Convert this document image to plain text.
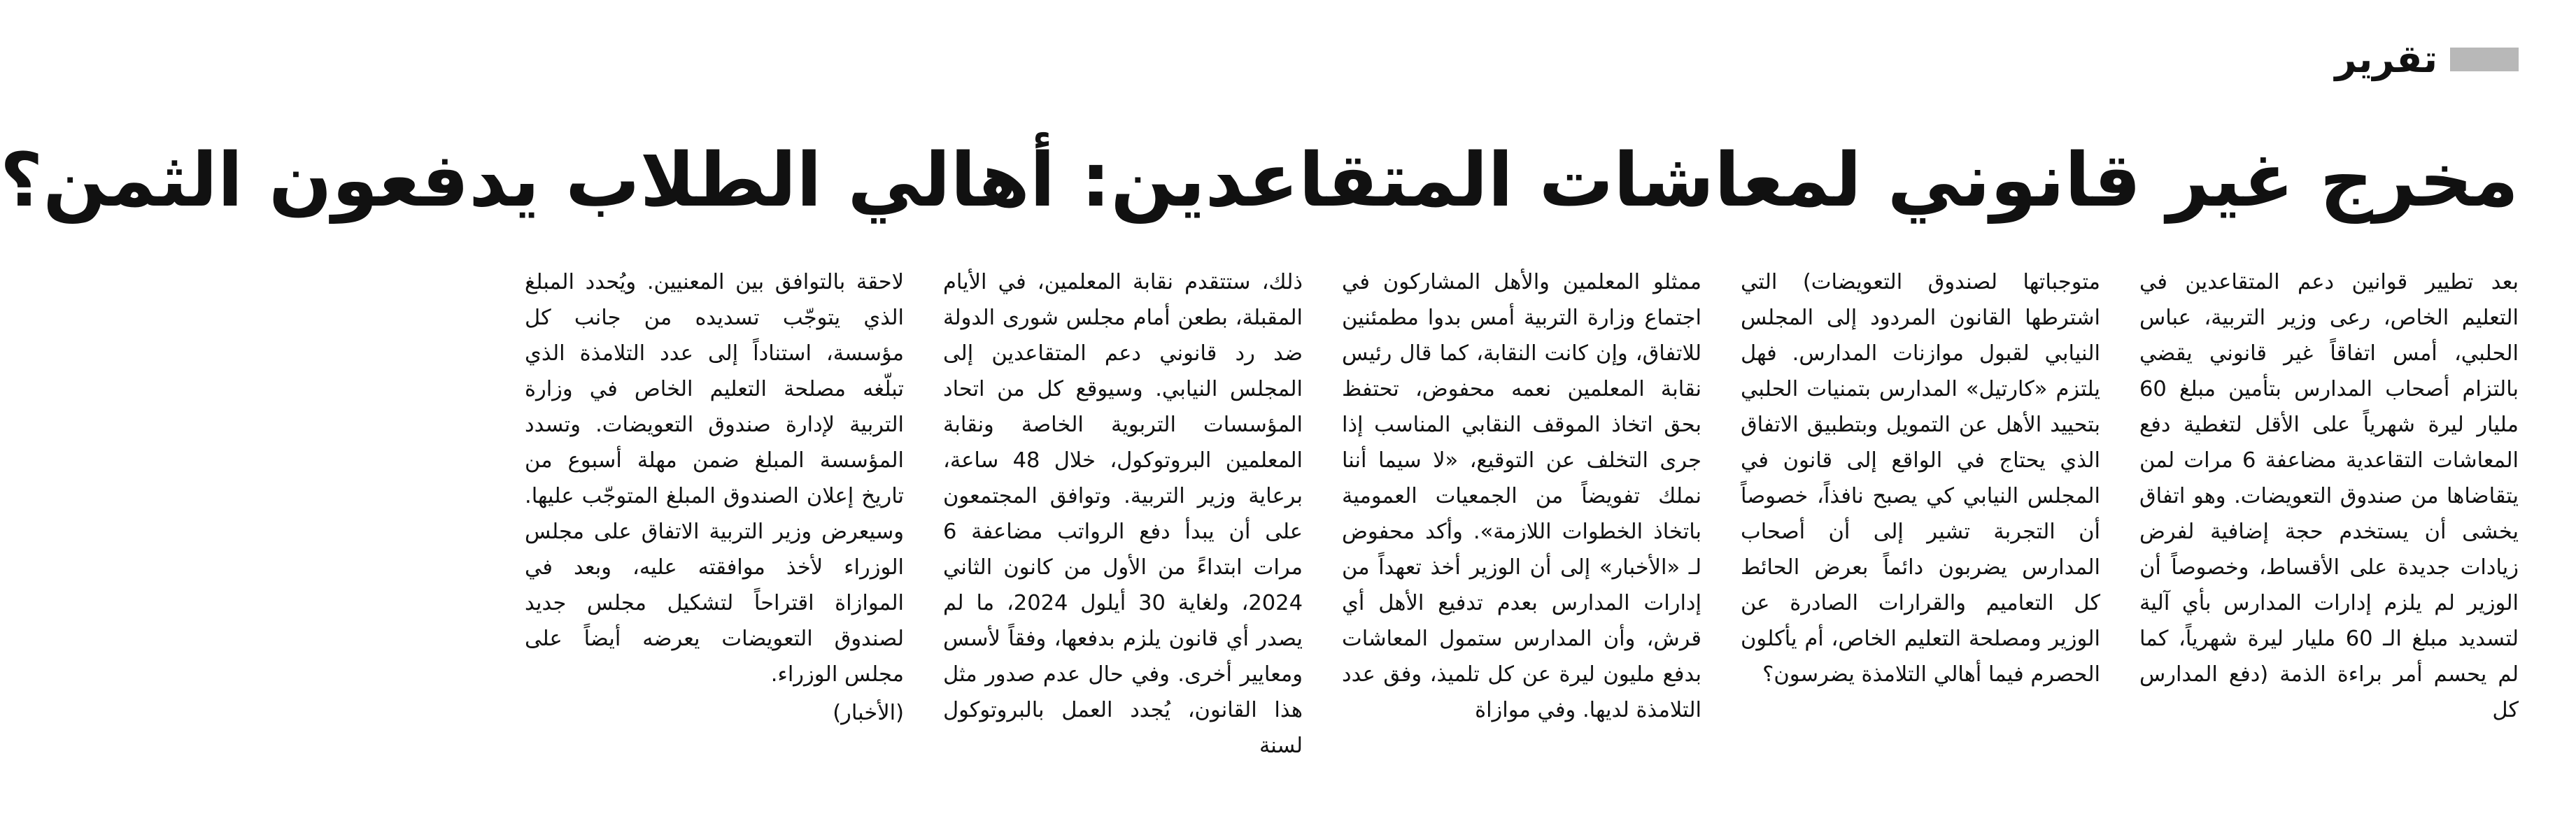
تقرير
مخرج غير قانوني لمعاشات المتقاعدين: أهالي الطلاب يدفعون الثمن؟

بعد تطيير قوانين دعم المتقاعدين في التعليم الخاص، رعى وزير التربية، عباس الحلبي، أمس اتفاقاً غير قانوني يقضي بالتزام أصحاب المدارس بتأمين مبلغ 60 مليار ليرة شهرياً على الأقل لتغطية دفع المعاشات التقاعدية مضاعفة 6 مرات لمن يتقاضاها من صندوق التعويضات. وهو اتفاق يخشى أن يستخدم حجة إضافية لفرض زيادات جديدة على الأقساط، وخصوصاً أن الوزير لم يلزم إدارات المدارس بأي آلية لتسديد مبلغ الـ 60 مليار ليرة شهرياً، كما لم يحسم أمر براءة الذمة (دفع المدارس كل

متوجباتها لصندوق التعويضات) التي اشترطها القانون المردود إلى المجلس النيابي لقبول موازنات المدارس. فهل يلتزم «كارتيل» المدارس بتمنيات الحلبي بتحييد الأهل عن التمويل وبتطبيق الاتفاق الذي يحتاج في الواقع إلى قانون في المجلس النيابي كي يصبح نافذاً، خصوصاً أن التجربة تشير إلى أن أصحاب المدارس يضربون دائماً بعرض الحائط كل التعاميم والقرارات الصادرة عن الوزير ومصلحة التعليم الخاص، أم يأكلون الحصرم فيما أهالي التلامذة يضرسون؟

ممثلو المعلمين والأهل المشاركون في اجتماع وزارة التربية أمس بدوا مطمئنين للاتفاق، وإن كانت النقابة، كما قال رئيس نقابة المعلمين نعمه محفوض، تحتفظ بحق اتخاذ الموقف النقابي المناسب إذا جرى التخلف عن التوقيع، «لا سيما أننا نملك تفويضاً من الجمعيات العمومية باتخاذ الخطوات اللازمة». وأكد محفوض لـ «الأخبار» إلى أن الوزير أخذ تعهداً من إدارات المدارس بعدم تدفيع الأهل أي قرش، وأن المدارس ستمول المعاشات بدفع مليون ليرة عن كل تلميذ، وفق عدد التلامذة لديها. وفي موازاة

ذلك، ستتقدم نقابة المعلمين، في الأيام المقبلة، بطعن أمام مجلس شورى الدولة ضد رد قانوني دعم المتقاعدين إلى المجلس النيابي. وسيوقع كل من اتحاد المؤسسات التربوية الخاصة ونقابة المعلمين البروتوكول، خلال 48 ساعة، برعاية وزير التربية. وتوافق المجتمعون على أن يبدأ دفع الرواتب مضاعفة 6 مرات ابتداءً من الأول من كانون الثاني 2024، ولغاية 30 أيلول 2024، ما لم يصدر أي قانون يلزم بدفعها، وفقاً لأسس ومعايير أخرى. وفي حال عدم صدور مثل هذا القانون، يُجدد العمل بالبروتوكول لسنة

لاحقة بالتوافق بين المعنيين. ويُحدد المبلغ الذي يتوجّب تسديده من جانب كل مؤسسة، استناداً إلى عدد التلامذة الذي تبلّغه مصلحة التعليم الخاص في وزارة التربية لإدارة صندوق التعويضات. وتسدد المؤسسة المبلغ ضمن مهلة أسبوع من تاريخ إعلان الصندوق المبلغ المتوجّب عليها. وسيعرض وزير التربية الاتفاق على مجلس الوزراء لأخذ موافقته عليه، وبعد في الموازاة اقتراحاً لتشكيل مجلس جديد لصندوق التعويضات يعرضه أيضاً على مجلس الوزراء.

(الأخبار)
